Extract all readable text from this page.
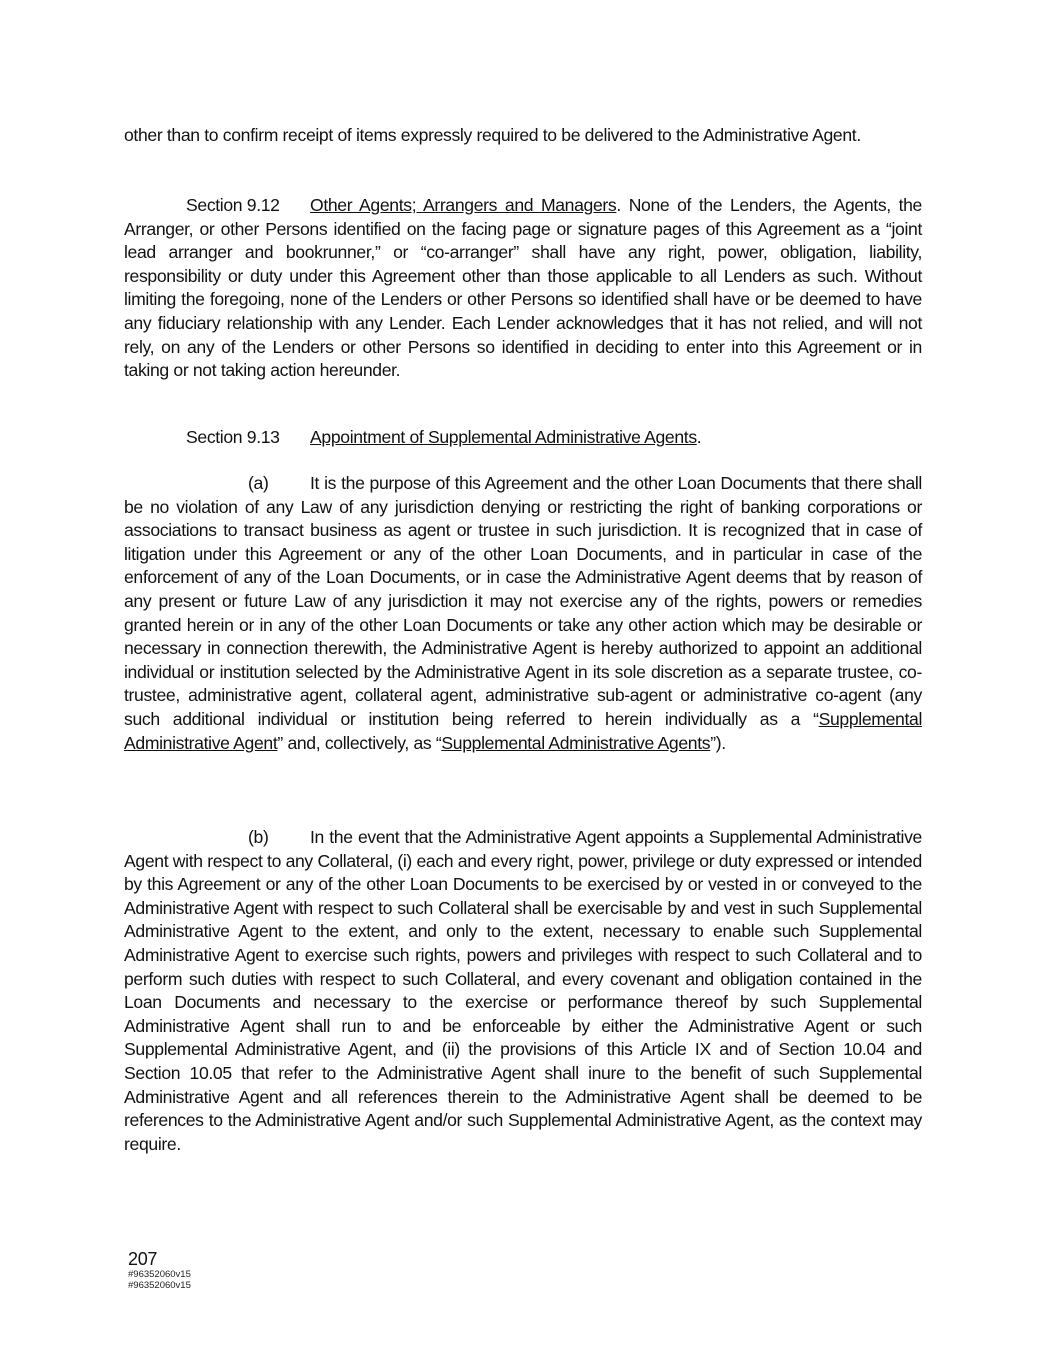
other than to confirm receipt of items expressly required to be delivered to the Administrative Agent.

Section 9.12 Other Agents; Arrangers and Managers. None of the Lenders, the Agents, the Arranger, or other Persons identified on the facing page or signature pages of this Agreement as a “joint lead arranger and bookrunner,” or “co-arranger” shall have any right, power, obligation, liability, responsibility or duty under this Agreement other than those applicable to all Lenders as such. Without limiting the foregoing, none of the Lenders or other Persons so identified shall have or be deemed to have any fiduciary relationship with any Lender. Each Lender acknowledges that it has not relied, and will not rely, on any of the Lenders or other Persons so identified in deciding to enter into this Agreement or in taking or not taking action hereunder.

Section 9.13 Appointment of Supplemental Administrative Agents.

(a) It is the purpose of this Agreement and the other Loan Documents that there shall be no violation of any Law of any jurisdiction denying or restricting the right of banking corporations or associations to transact business as agent or trustee in such jurisdiction. It is recognized that in case of litigation under this Agreement or any of the other Loan Documents, and in particular in case of the enforcement of any of the Loan Documents, or in case the Administrative Agent deems that by reason of any present or future Law of any jurisdiction it may not exercise any of the rights, powers or remedies granted herein or in any of the other Loan Documents or take any other action which may be desirable or necessary in connection therewith, the Administrative Agent is hereby authorized to appoint an additional individual or institution selected by the Administrative Agent in its sole discretion as a separate trustee, co-trustee, administrative agent, collateral agent, administrative sub-agent or administrative co-agent (any such additional individual or institution being referred to herein individually as a “Supplemental Administrative Agent” and, collectively, as “Supplemental Administrative Agents”).

(b) In the event that the Administrative Agent appoints a Supplemental Administrative Agent with respect to any Collateral, (i) each and every right, power, privilege or duty expressed or intended by this Agreement or any of the other Loan Documents to be exercised by or vested in or conveyed to the Administrative Agent with respect to such Collateral shall be exercisable by and vest in such Supplemental Administrative Agent to the extent, and only to the extent, necessary to enable such Supplemental Administrative Agent to exercise such rights, powers and privileges with respect to such Collateral and to perform such duties with respect to such Collateral, and every covenant and obligation contained in the Loan Documents and necessary to the exercise or performance thereof by such Supplemental Administrative Agent shall run to and be enforceable by either the Administrative Agent or such Supplemental Administrative Agent, and (ii) the provisions of this Article IX and of Section 10.04 and Section 10.05 that refer to the Administrative Agent shall inure to the benefit of such Supplemental Administrative Agent and all references therein to the Administrative Agent shall be deemed to be references to the Administrative Agent and/or such Supplemental Administrative Agent, as the context may require.

207
#96352060v15
#96352060v15
